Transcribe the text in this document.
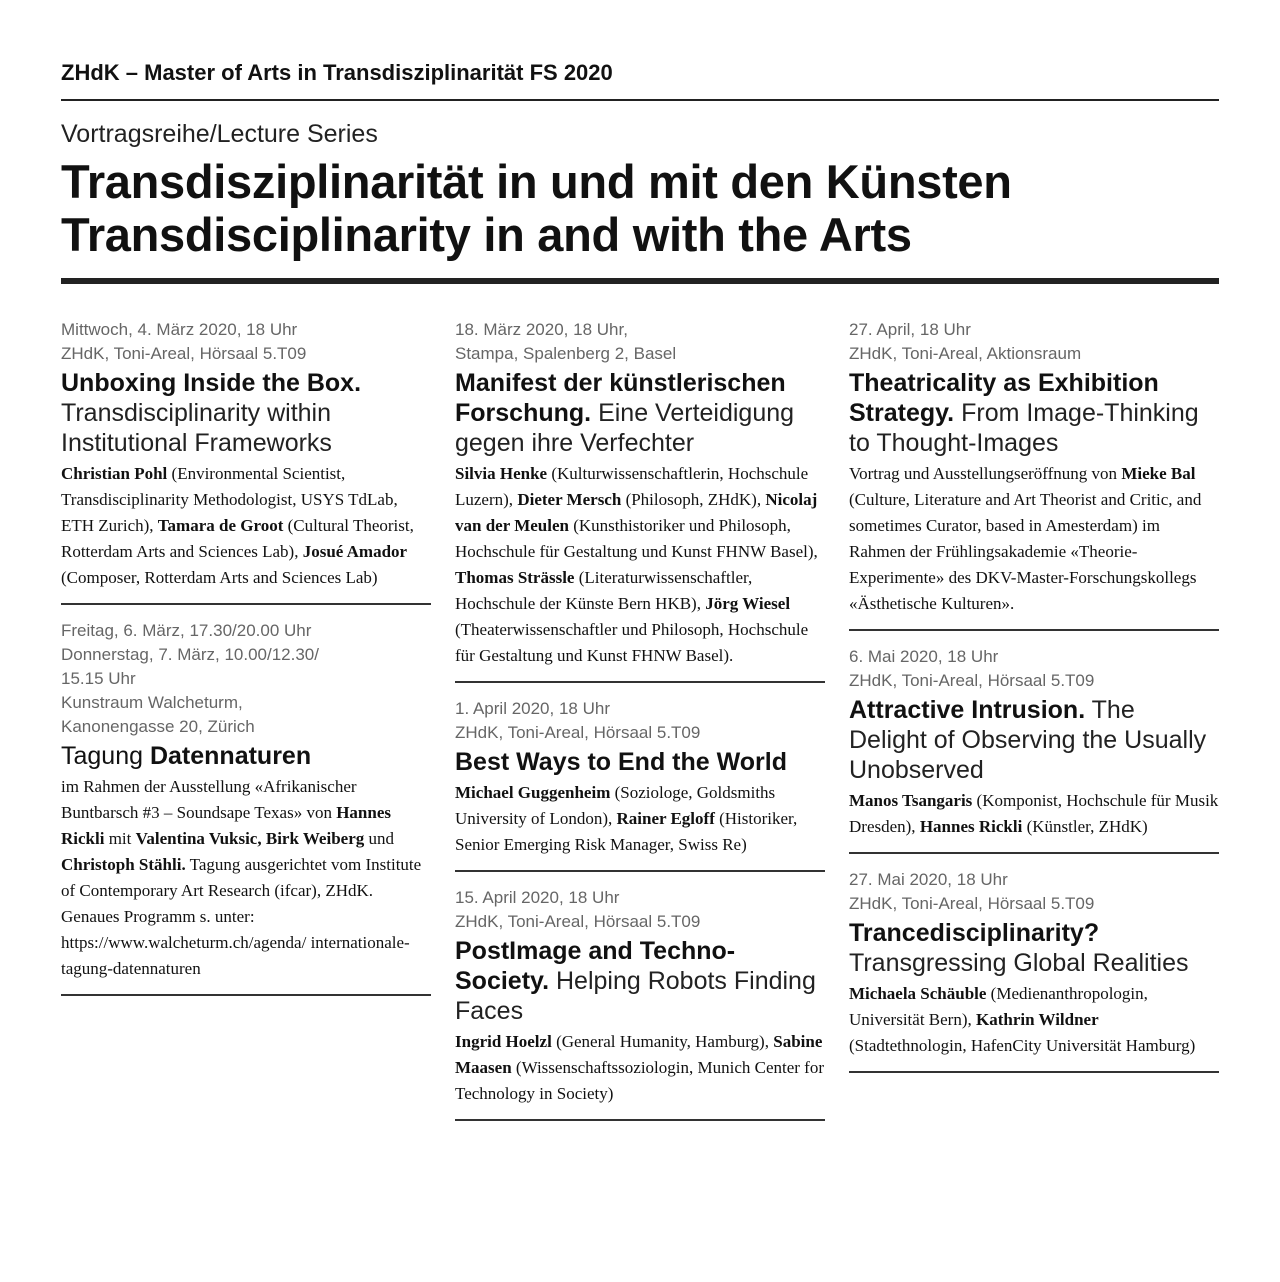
ZHdK – Master of Arts in Transdisziplinarität FS 2020
Vortragsreihe/Lecture Series
Transdisziplinarität in und mit den Künsten
Transdisciplinarity in and with the Arts
Mittwoch, 4. März 2020, 18 Uhr
ZHdK, Toni-Areal, Hörsaal 5.T09
Unboxing Inside the Box. Transdisciplinarity within Institutional Frameworks
Christian Pohl (Environmental Scientist, Transdisciplinarity Methodologist, USYS TdLab, ETH Zurich), Tamara de Groot (Cultural Theorist, Rotterdam Arts and Sciences Lab), Josué Amador (Composer, Rotterdam Arts and Sciences Lab)
Freitag, 6. März, 17.30/20.00 Uhr
Donnerstag, 7. März, 10.00/12.30/
15.15 Uhr
Kunstraum Walcheturm,
Kanonengasse 20, Zürich
Tagung Datennaturen
im Rahmen der Ausstellung «Afrikanischer Buntbarsch #3 – Soundsape Texas» von Hannes Rickli mit Valentina Vuksic, Birk Weiberg und Christoph Stähli. Tagung ausgerichtet vom Institute of Contemporary Art Research (ifcar), ZHdK. Genaues Programm s. unter: https://www.walcheturm.ch/agenda/ internationale-tagung-datennaturen
18. März 2020, 18 Uhr,
Stampa, Spalenberg 2, Basel
Manifest der künstlerischen Forschung. Eine Verteidigung gegen ihre Verfechter
Silvia Henke (Kulturwissenschaftlerin, Hochschule Luzern), Dieter Mersch (Philosoph, ZHdK), Nicolaj van der Meulen (Kunsthistoriker und Philosoph, Hochschule für Gestaltung und Kunst FHNW Basel), Thomas Strässle (Literaturwissenschaftler, Hochschule der Künste Bern HKB), Jörg Wiesel (Theaterwissenschaftler und Philosoph, Hochschule für Gestaltung und Kunst FHNW Basel).
1. April 2020, 18 Uhr
ZHdK, Toni-Areal, Hörsaal 5.T09
Best Ways to End the World
Michael Guggenheim (Soziologe, Goldsmiths University of London), Rainer Egloff (Historiker, Senior Emerging Risk Manager, Swiss Re)
15. April 2020, 18 Uhr
ZHdK, Toni-Areal, Hörsaal 5.T09
PostImage and Techno-Society. Helping Robots Finding Faces
Ingrid Hoelzl (General Humanity, Hamburg), Sabine Maasen (Wissenschaftssoziologin, Munich Center for Technology in Society)
27. April, 18 Uhr
ZHdK, Toni-Areal, Aktionsraum
Theatricality as Exhibition Strategy. From Image-Thinking to Thought-Images
Vortrag und Ausstellungseröffnung von Mieke Bal (Culture, Literature and Art Theorist and Critic, and sometimes Curator, based in Amesterdam) im Rahmen der Frühlingsakademie «Theorie-Experimente» des DKV-Master-Forschungskollegs «Ästhetische Kulturen».
6. Mai 2020, 18 Uhr
ZHdK, Toni-Areal, Hörsaal 5.T09
Attractive Intrusion. The Delight of Observing the Usually Unobserved
Manos Tsangaris (Komponist, Hochschule für Musik Dresden), Hannes Rickli (Künstler, ZHdK)
27. Mai 2020, 18 Uhr
ZHdK, Toni-Areal, Hörsaal 5.T09
Trancedisciplinarity? Transgressing Global Realities
Michaela Schäuble (Medienanthropologin, Universität Bern), Kathrin Wildner (Stadtethnologin, HafenCity Universität Hamburg)
